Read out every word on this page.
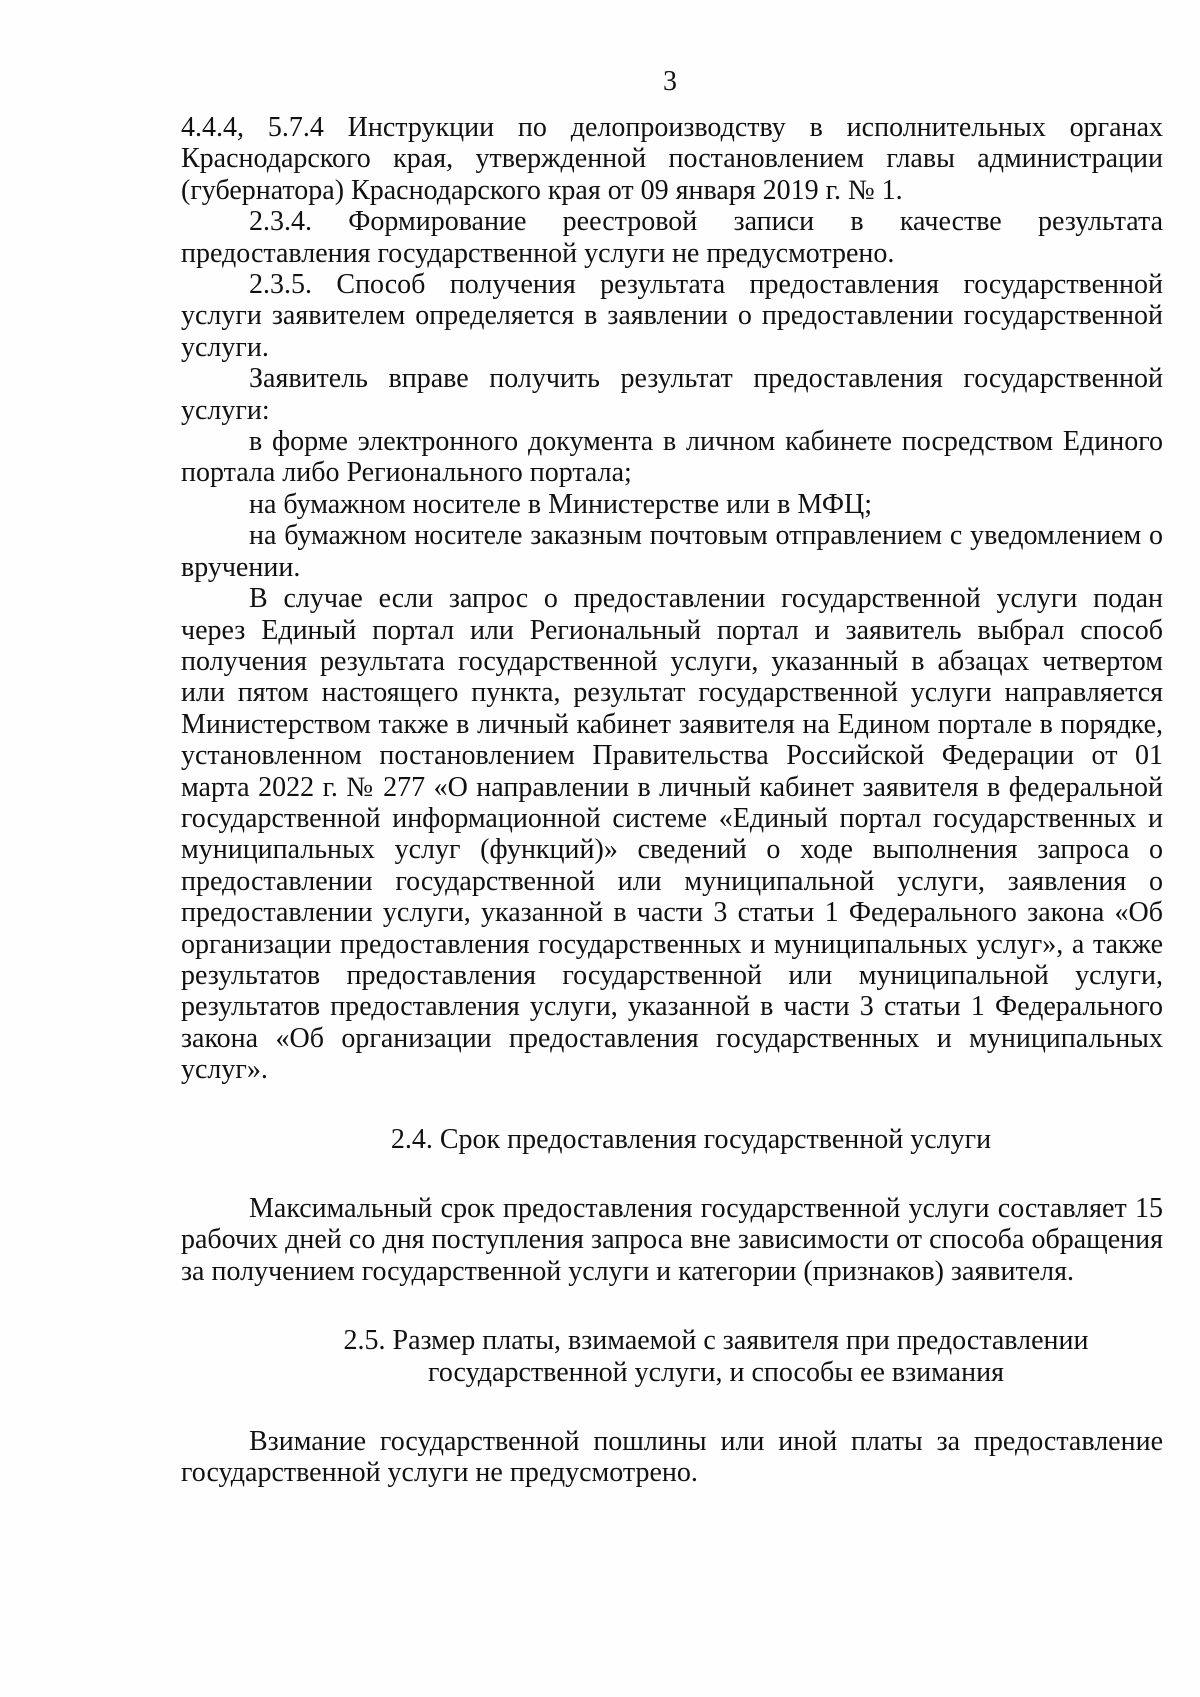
3

4.4.4, 5.7.4 Инструкции по делопроизводству в исполнительных органах

Краснодарского края, утвержденной постановлением главы администрации (губернатора) Краснодарского края от 09 января 2019 г. № 1.

2.3.4. Формирование реестровой записи в качестве результата предоставления государственной услуги не предусмотрено.

2.3.5. Способ получения результата предоставления государственной услуги заявителем определяется в заявлении о предоставлении государственной услуги.

Заявитель вправе получить результат предоставления государственной услуги:

в форме электронного документа в личном кабинете посредством Единого портала либо Регионального портала;

на бумажном носителе в Министерстве или в МФЦ;

на бумажном носителе заказным почтовым отправлением с уведомлением о вручении.

В случае если запрос о предоставлении государственной услуги подан через Единый портал или Региональный портал и заявитель выбрал способ получения результата государственной услуги, указанный в абзацах четвертом или пятом настоящего пункта, результат государственной услуги направляется Министерством также в личный кабинет заявителя на Едином портале в порядке, установленном постановлением Правительства Российской Федерации от 01 марта 2022 г. № 277 «О направлении в личный кабинет заявителя в федеральной государственной информационной системе «Единый портал государственных и муниципальных услуг (функций)» сведений о ходе выполнения запроса о предоставлении государственной или муниципальной услуги, заявления о предоставлении услуги, указанной в части 3 статьи 1 Федерального закона «Об организации предоставления государственных и муниципальных услуг», а также результатов предоставления государственной или муниципальной услуги, результатов предоставления услуги, указанной в части 3 статьи 1 Федерального закона «Об организации предоставления государственных и муниципальных услуг».

2.4. Срок предоставления государственной услуги

Максимальный срок предоставления государственной услуги составляет 15 рабочих дней со дня поступления запроса вне зависимости от способа обращения за получением государственной услуги и категории (признаков) заявителя.

2.5. Размер платы, взимаемой с заявителя при предоставлении
государственной услуги, и способы ее взимания

Взимание государственной пошлины или иной платы за предоставление государственной услуги не предусмотрено.
